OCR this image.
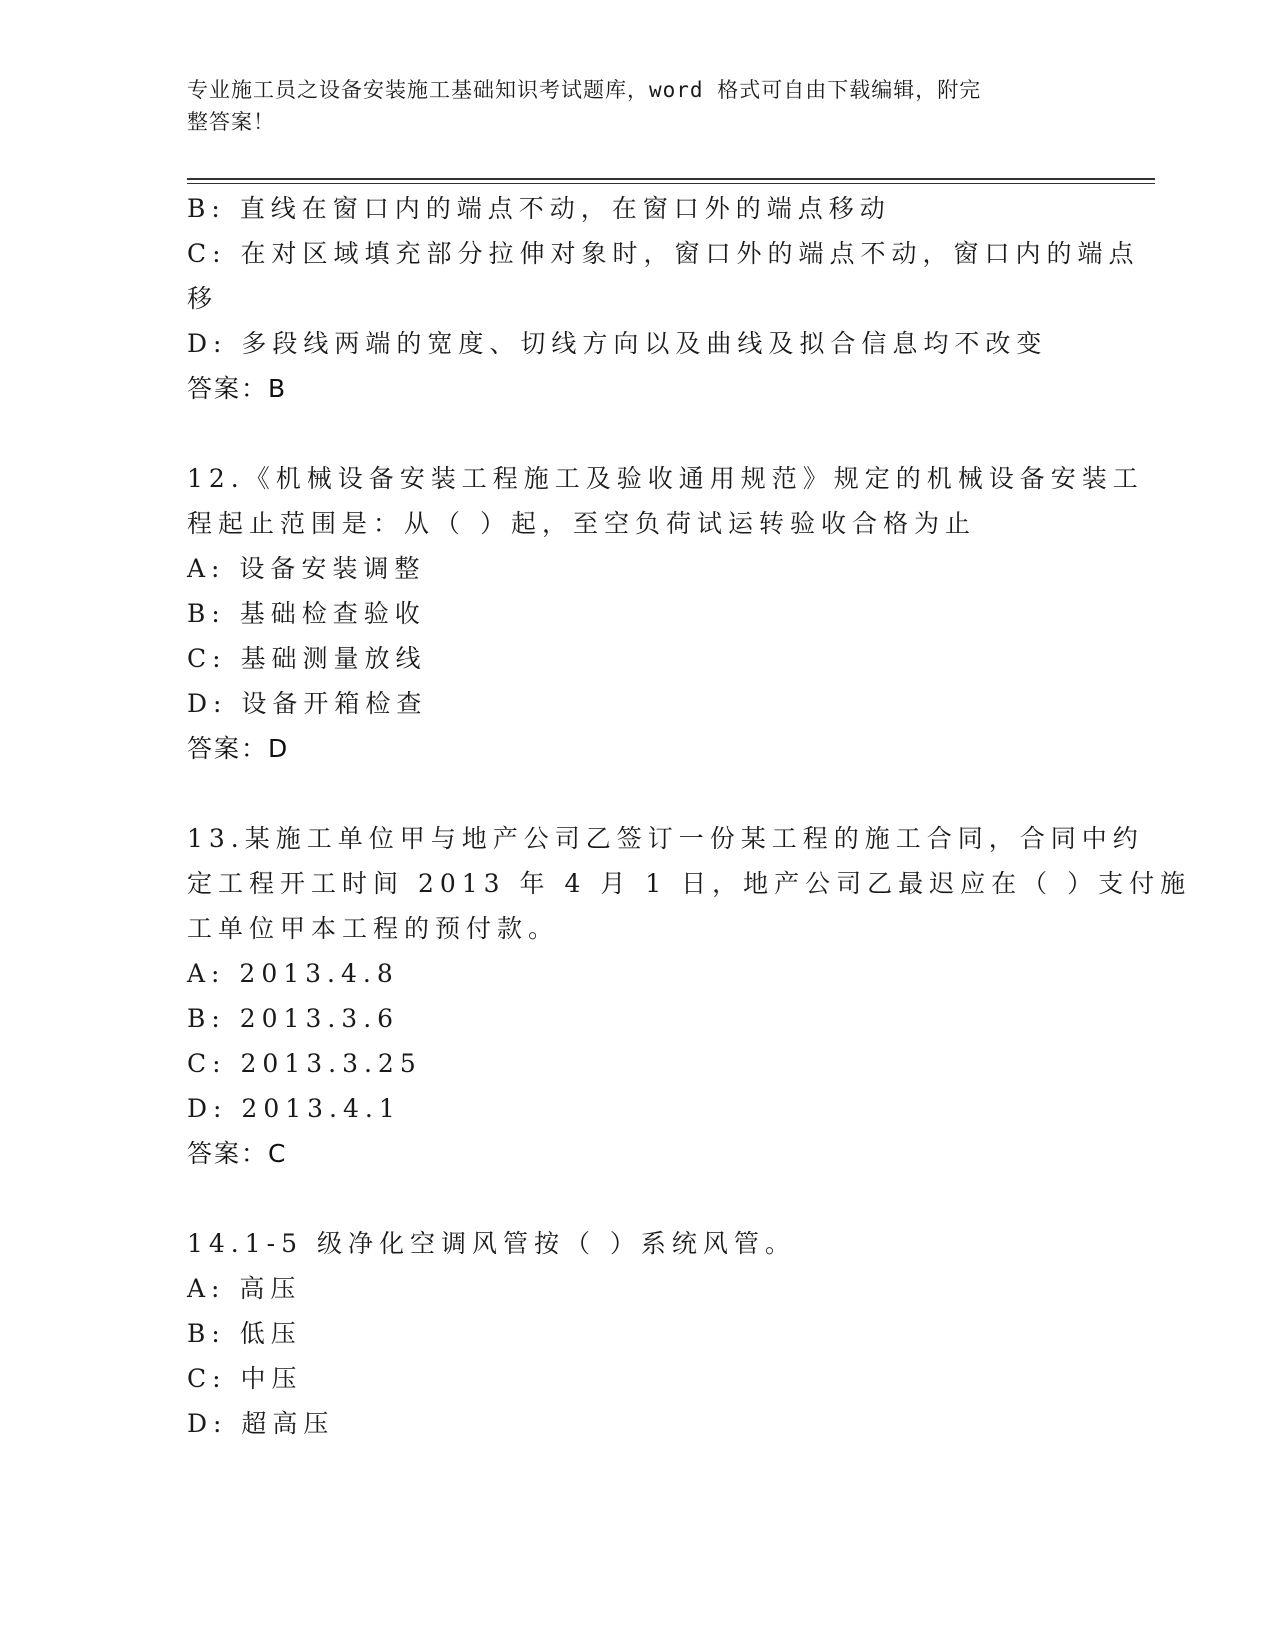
专业施工员之设备安装施工基础知识考试题库，word 格式可自由下载编辑，附完
整答案！
B: 直线在窗口内的端点不动，在窗口外的端点移动
C: 在对区域填充部分拉伸对象时，窗口外的端点不动，窗口内的端点
移
D: 多段线两端的宽度、切线方向以及曲线及拟合信息均不改变
答案：B
12.《机械设备安装工程施工及验收通用规范》规定的机械设备安装工
程起止范围是：从（ ）起，至空负荷试运转验收合格为止
A: 设备安装调整
B: 基础检查验收
C: 基础测量放线
D: 设备开箱检查
答案：D
13.某施工单位甲与地产公司乙签订一份某工程的施工合同，合同中约
定工程开工时间 2013 年 4 月 1 日，地产公司乙最迟应在（ ）支付施
工单位甲本工程的预付款。
A: 2013.4.8
B: 2013.3.6
C: 2013.3.25
D: 2013.4.1
答案：C
14.1-5 级净化空调风管按（ ）系统风管。
A: 高压
B: 低压
C: 中压
D: 超高压
